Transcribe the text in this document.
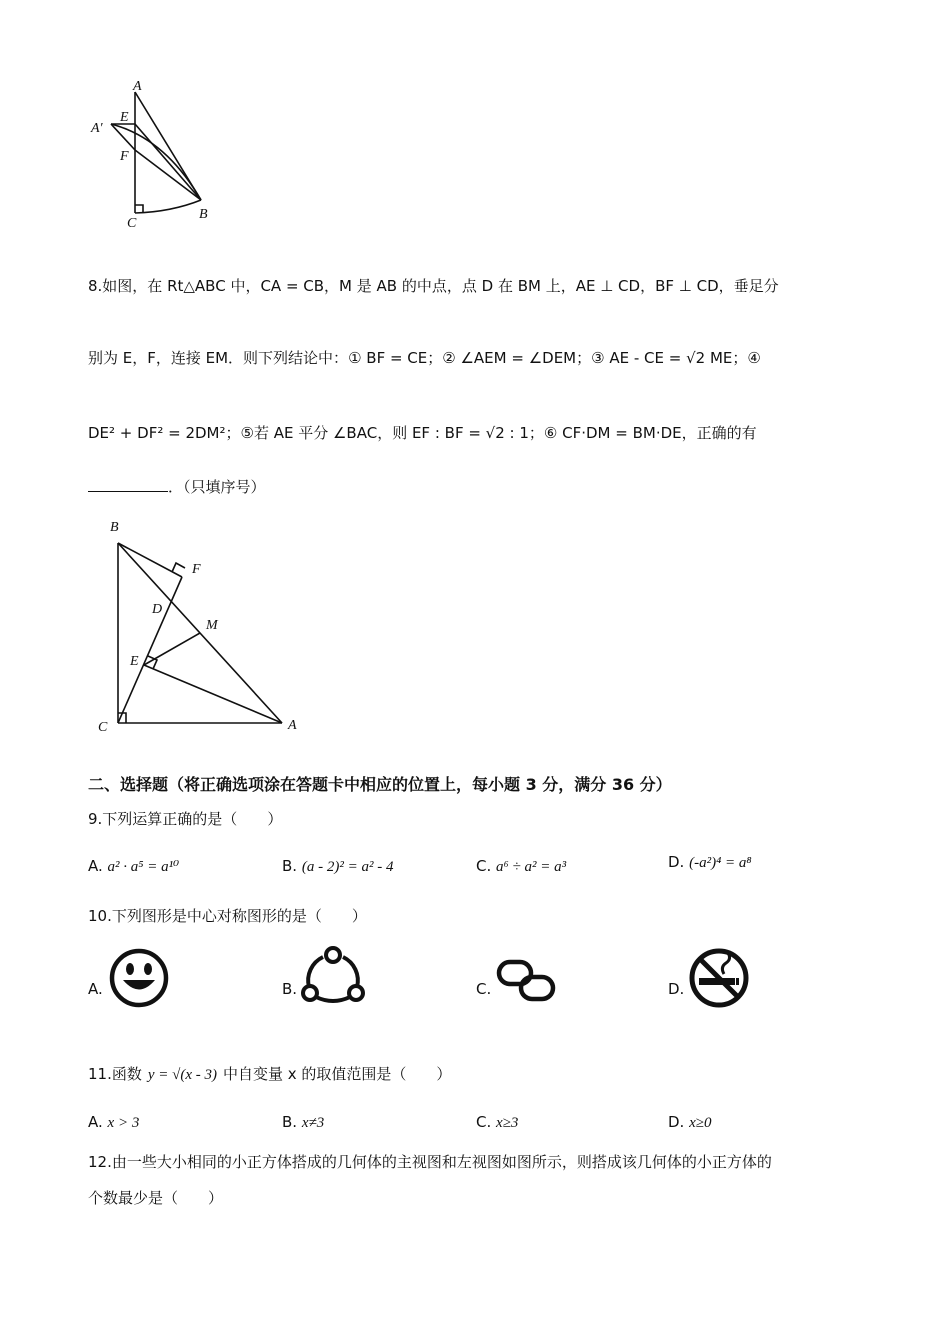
A
A′
E
F
C
B
8.如图，在 Rt△ABC 中，CA = CB，M 是 AB 的中点，点 D 在 BM 上，AE ⊥ CD，BF ⊥ CD，垂足分
别为 E，F，连接 EM．则下列结论中：① BF = CE；② ∠AEM = ∠DEM；③ AE - CE = √2 ME；④
DE² + DF² = 2DM²；⑤若 AE 平分 ∠BAC，则 EF : BF = √2 : 1；⑥ CF·DM = BM·DE，正确的有
．（只填序号）
B
F
D
M
E
C	A
二、选择题（将正确选项涂在答题卡中相应的位置上，每小题 3 分，满分 36 分）
9.下列运算正确的是（　　）
A. a² · a⁵ = a¹⁰	B. (a - 2)² = a² - 4	C. a⁶ ÷ a² = a³	D. (-a²)⁴ = a⁸
10.下列图形是中心对称图形的是（　　）
A.	B.	C.	D.
11.函数 y = √(x - 3) 中自变量 x 的取值范围是（　　）
A. x > 3	B. x≠3	C. x≥3	D. x≥0
12.由一些大小相同的小正方体搭成的几何体的主视图和左视图如图所示，则搭成该几何体的小正方体的
个数最少是（　　）
